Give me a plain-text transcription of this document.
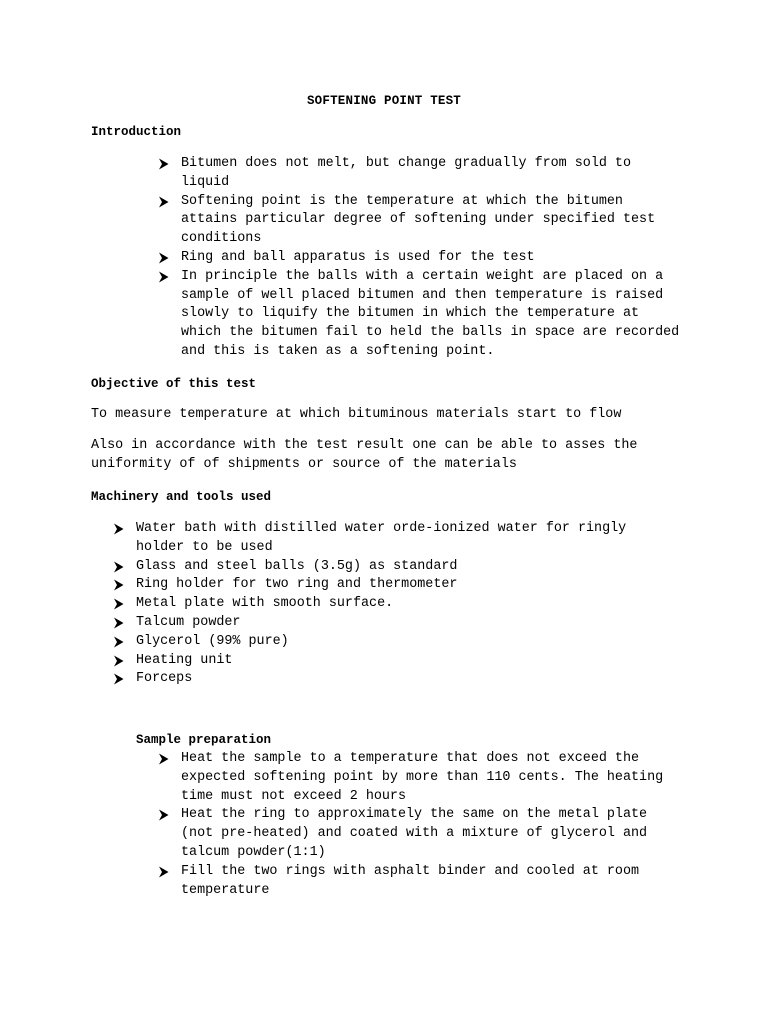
SOFTENING POINT TEST
Introduction
Bitumen does not melt, but change gradually from sold to liquid
Softening point is the temperature at which the bitumen attains particular degree of softening under specified test conditions
Ring and ball apparatus is used for the test
In principle the balls with a certain weight are placed on a sample of well placed bitumen and then temperature is raised slowly to liquify the bitumen in which the temperature at which the bitumen fail to held the balls in space are recorded and this is taken as a softening point.
Objective of this test
To measure temperature at which bituminous materials start to flow
Also in accordance with the test result one can be able to asses the uniformity of of shipments or source of the materials
Machinery and tools used
Water bath with distilled water orde-ionized water for ringly holder to be used
Glass and steel balls (3.5g) as standard
Ring holder for two ring and thermometer
Metal plate with smooth surface.
Talcum powder
Glycerol (99% pure)
Heating unit
Forceps
Sample preparation
Heat the sample to a temperature that does not exceed the expected softening point by more than 110 cents. The heating time must not exceed 2 hours
Heat the ring to approximately the same on the metal plate (not pre-heated) and coated with a mixture of glycerol and talcum powder(1:1)
Fill the two rings with asphalt binder and cooled at room temperature
